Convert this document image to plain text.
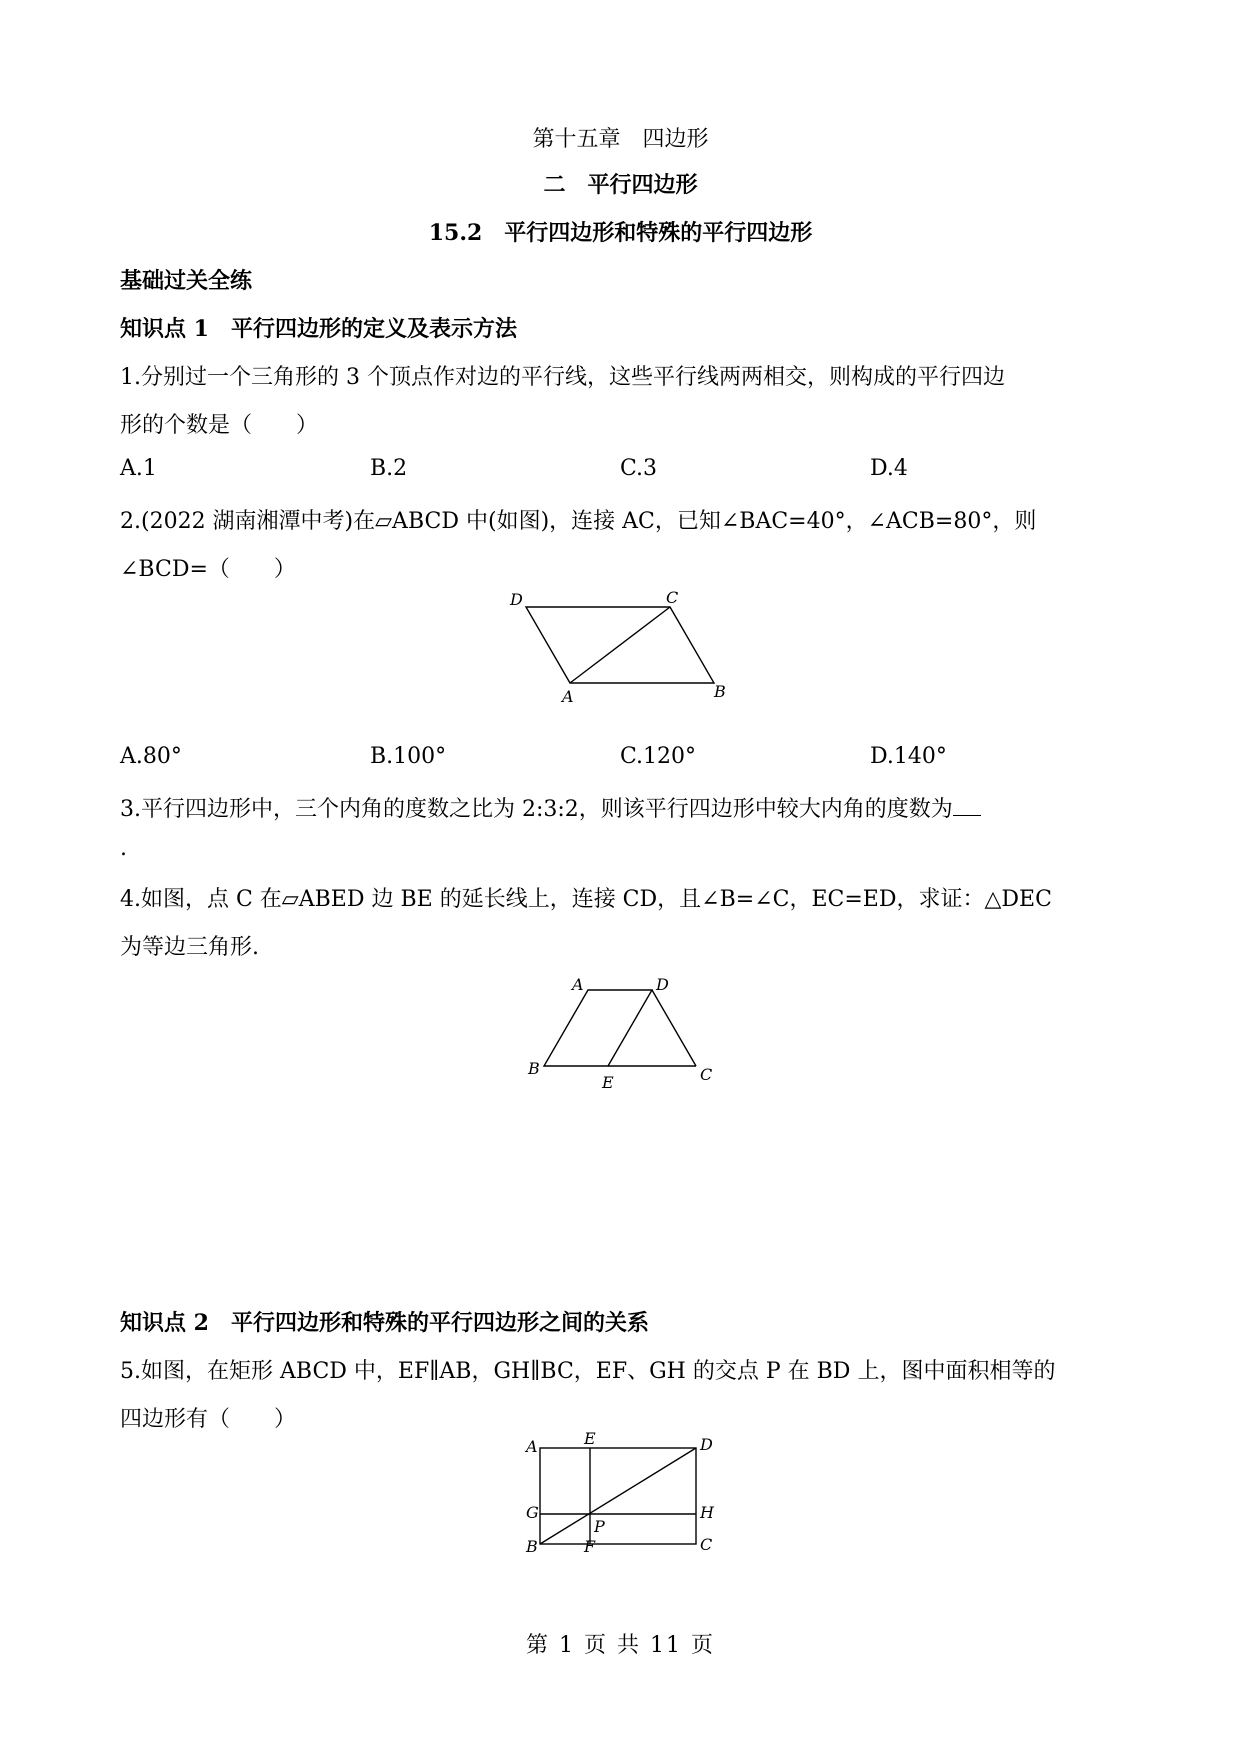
第十五章　四边形
二　平行四边形
15.2　平行四边形和特殊的平行四边形
基础过关全练
知识点 1　平行四边形的定义及表示方法
1.分别过一个三角形的 3 个顶点作对边的平行线，这些平行线两两相交，则构成的平行四边
形的个数是（　　）
A.1	B.2	C.3	D.4
2.(2022 湖南湘潭中考)在▱ABCD 中(如图)，连接 AC，已知∠BAC=40°，∠ACB=80°，则
∠BCD=（　　）
D	C
A	B
A.80°	B.100°	C.120°	D.140°
3.平行四边形中，三个内角的度数之比为 2:3:2，则该平行四边形中较大内角的度数为
.
4.如图，点 C 在▱ABED 边 BE 的延长线上，连接 CD，且∠B=∠C，EC=ED，求证：△DEC
为等边三角形.
A	D
B
E	C
知识点 2　平行四边形和特殊的平行四边形之间的关系
5.如图，在矩形 ABCD 中，EF∥AB，GH∥BC，EF、GH 的交点 P 在 BD 上，图中面积相等的
四边形有（　　）
A	E	D
G
P
H
B	F	C
第 1 页 共 11 页
